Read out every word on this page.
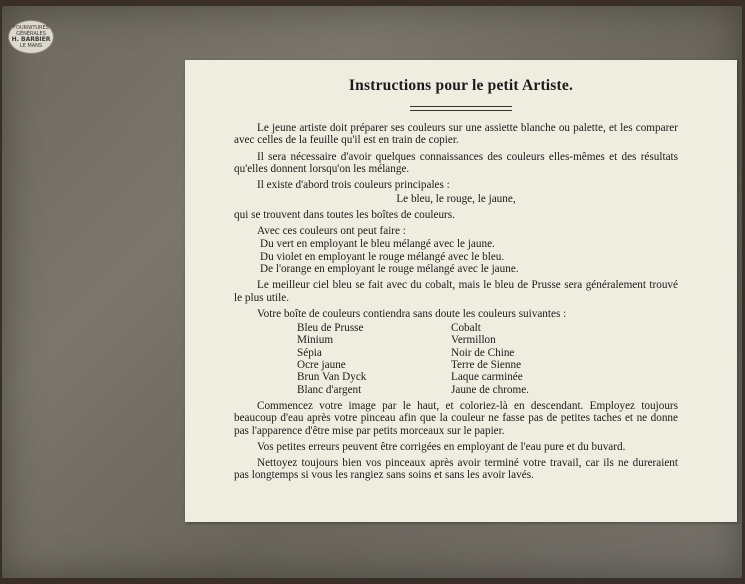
FOURNITURES GÉNÉRALES
H. BARBIER
LE MANS
Instructions pour le petit Artiste.

Le jeune artiste doit préparer ses couleurs sur une assiette blanche ou palette, et les comparer avec celles de la feuille qu'il est en train de copier.

Il sera nécessaire d'avoir quelques connaissances des couleurs elles-mêmes et des résultats qu'elles donnent lorsqu'on les mélange.

Il existe d'abord trois couleurs principales :

Le bleu, le rouge, le jaune,

qui se trouvent dans toutes les boîtes de couleurs.

Avec ces couleurs ont peut faire :

Du vert en employant le bleu mélangé avec le jaune.
Du violet en employant le rouge mélangé avec le bleu.
De l'orange en employant le rouge mélangé avec le jaune.

Le meilleur ciel bleu se fait avec du cobalt, mais le bleu de Prusse sera généralement trouvé le plus utile.

Votre boîte de couleurs contiendra sans doute les couleurs suivantes :

Bleu de Prusse	Cobalt
Minium	Vermillon
Sépia	Noir de Chine
Ocre jaune	Terre de Sienne
Brun Van Dyck	Laque carminée
Blanc d'argent	Jaune de chrome.

Commencez votre image par le haut, et coloriez-là en descendant. Employez toujours beaucoup d'eau après votre pinceau afin que la couleur ne fasse pas de petites taches et ne donne pas l'apparence d'être mise par petits morceaux sur le papier.

Vos petites erreurs peuvent être corrigées en employant de l'eau pure et du buvard.

Nettoyez toujours bien vos pinceaux après avoir terminé votre travail, car ils ne dureraient pas longtemps si vous les rangiez sans soins et sans les avoir lavés.
